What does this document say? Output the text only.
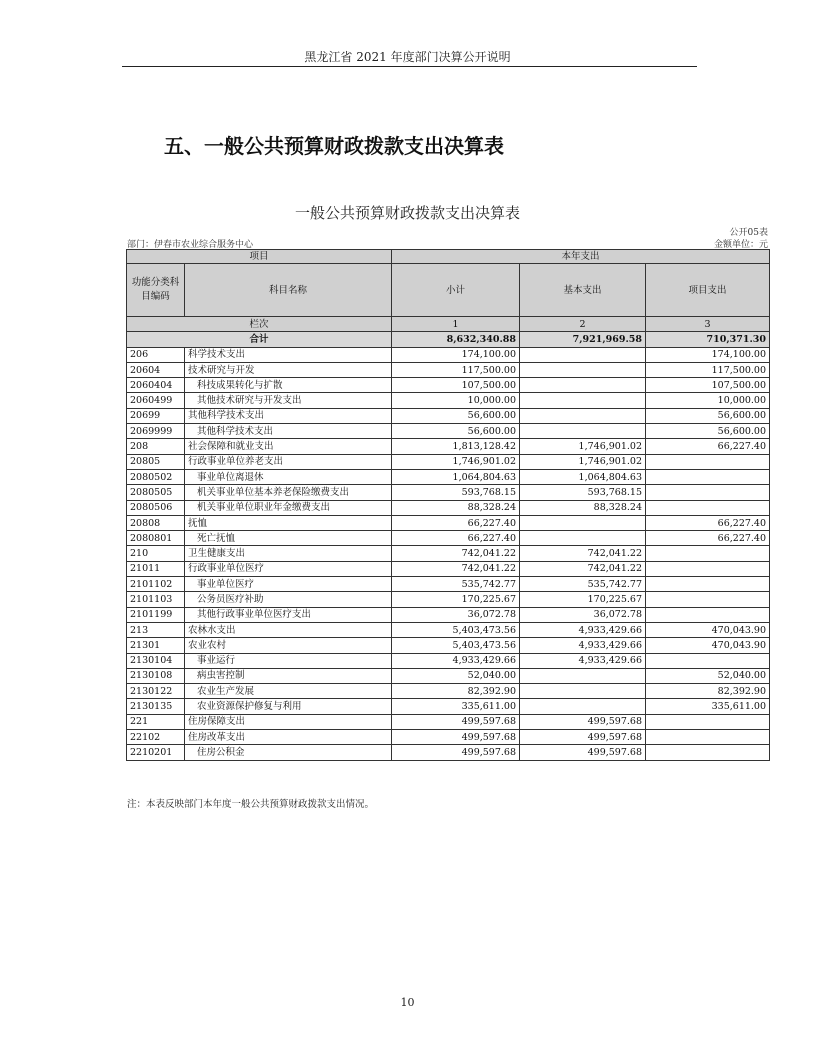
黑龙江省 2021 年度部门决算公开说明
五、一般公共预算财政拨款支出决算表
一般公共预算财政拨款支出决算表
公开05表
部门：伊春市农业综合服务中心	金额单位：元
项目		本年支出		
功能分类科目编码	科目名称	小计	基本支出	项目支出
栏次		1	2	3
合计		8,632,340.88	7,921,969.58	710,371.30
206	科学技术支出	174,100.00		174,100.00
20604	技术研究与开发	117,500.00		117,500.00
2060404	科技成果转化与扩散	107,500.00		107,500.00
2060499	其他技术研究与开发支出	10,000.00		10,000.00
20699	其他科学技术支出	56,600.00		56,600.00
2069999	其他科学技术支出	56,600.00		56,600.00
208	社会保障和就业支出	1,813,128.42	1,746,901.02	66,227.40
20805	行政事业单位养老支出	1,746,901.02	1,746,901.02	
2080502	事业单位离退休	1,064,804.63	1,064,804.63	
2080505	机关事业单位基本养老保险缴费支出	593,768.15	593,768.15	
2080506	机关事业单位职业年金缴费支出	88,328.24	88,328.24	
20808	抚恤	66,227.40		66,227.40
2080801	死亡抚恤	66,227.40		66,227.40
210	卫生健康支出	742,041.22	742,041.22	
21011	行政事业单位医疗	742,041.22	742,041.22	
2101102	事业单位医疗	535,742.77	535,742.77	
2101103	公务员医疗补助	170,225.67	170,225.67	
2101199	其他行政事业单位医疗支出	36,072.78	36,072.78	
213	农林水支出	5,403,473.56	4,933,429.66	470,043.90
21301	农业农村	5,403,473.56	4,933,429.66	470,043.90
2130104	事业运行	4,933,429.66	4,933,429.66	
2130108	病虫害控制	52,040.00		52,040.00
2130122	农业生产发展	82,392.90		82,392.90
2130135	农业资源保护修复与利用	335,611.00		335,611.00
221	住房保障支出	499,597.68	499,597.68	
22102	住房改革支出	499,597.68	499,597.68	
2210201	住房公积金	499,597.68	499,597.68	
注：本表反映部门本年度一般公共预算财政拨款支出情况。
10
